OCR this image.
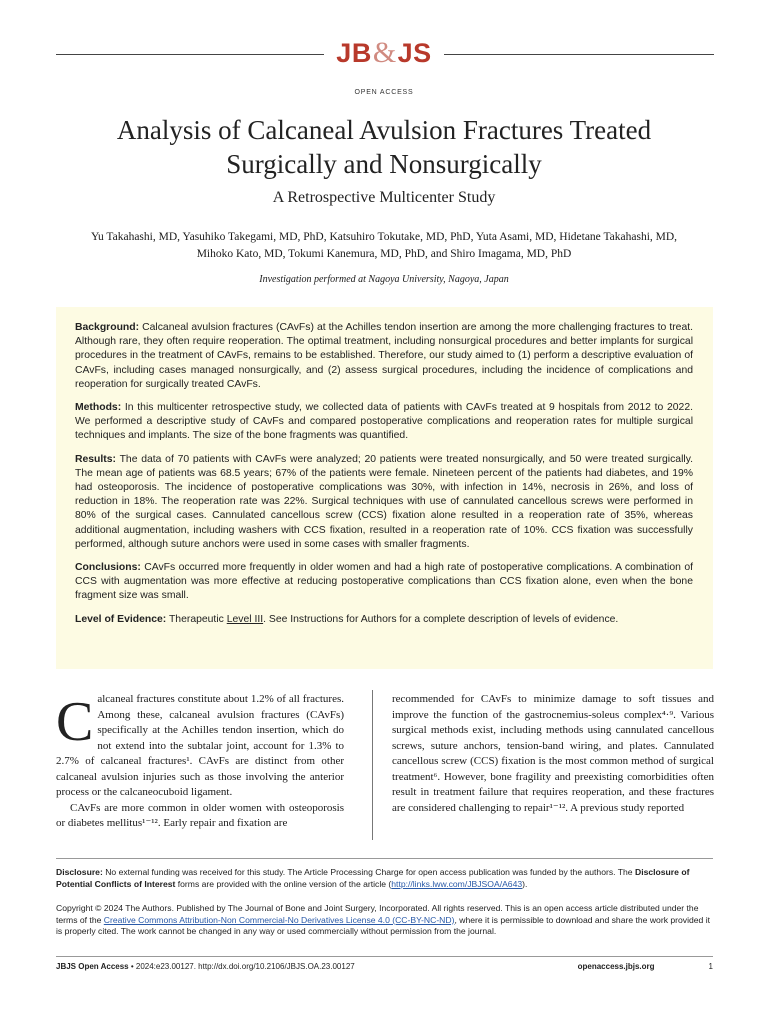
JB&JS
OPEN ACCESS
Analysis of Calcaneal Avulsion Fractures Treated
Surgically and Nonsurgically
A Retrospective Multicenter Study
Yu Takahashi, MD, Yasuhiko Takegami, MD, PhD, Katsuhiro Tokutake, MD, PhD, Yuta Asami, MD, Hidetane Takahashi, MD,
Mihoko Kato, MD, Tokumi Kanemura, MD, PhD, and Shiro Imagama, MD, PhD
Investigation performed at Nagoya University, Nagoya, Japan

Background: Calcaneal avulsion fractures (CAvFs) at the Achilles tendon insertion are among the more challenging fractures to treat. Although rare, they often require reoperation. The optimal treatment, including nonsurgical procedures and better implants for surgical procedures in the treatment of CAvFs, remains to be established. Therefore, our study aimed to (1) perform a descriptive evaluation of CAvFs, including cases managed nonsurgically, and (2) assess surgical procedures, including the incidence of complications and reoperation for surgically treated CAvFs.

Methods: In this multicenter retrospective study, we collected data of patients with CAvFs treated at 9 hospitals from 2012 to 2022. We performed a descriptive study of CAvFs and compared postoperative complications and reoperation rates for multiple surgical techniques and implants. The size of the bone fragments was quantified.

Results: The data of 70 patients with CAvFs were analyzed; 20 patients were treated nonsurgically, and 50 were treated surgically. The mean age of patients was 68.5 years; 67% of the patients were female. Nineteen percent of the patients had diabetes, and 19% had osteoporosis. The incidence of postoperative complications was 30%, with infection in 14%, necrosis in 26%, and loss of reduction in 18%. The reoperation rate was 22%. Surgical techniques with use of cannulated cancellous screws were performed in 80% of the surgical cases. Cannulated cancellous screw (CCS) fixation alone resulted in a reoperation rate of 35%, whereas additional augmentation, including washers with CCS fixation, resulted in a reoperation rate of 10%. CCS fixation was successfully performed, although suture anchors were used in some cases with smaller fragments.

Conclusions: CAvFs occurred more frequently in older women and had a high rate of postoperative complications. A combination of CCS with augmentation was more effective at reducing postoperative complications than CCS fixation alone, even when the bone fragment size was small.

Level of Evidence: Therapeutic Level III. See Instructions for Authors for a complete description of levels of evidence.

Calcaneal fractures constitute about 1.2% of all fractures. Among these, calcaneal avulsion fractures (CAvFs) specifically at the Achilles tendon insertion, which do not extend into the subtalar joint, account for 1.3% to 2.7% of calcaneal fractures¹. CAvFs are distinct from other calcaneal avulsion injuries such as those involving the anterior process or the calcaneocuboid ligament.

CAvFs are more common in older women with osteoporosis or diabetes mellitus¹⁻¹². Early repair and fixation are

recommended for CAvFs to minimize damage to soft tissues and improve the function of the gastrocnemius-soleus complex⁴·⁹. Various surgical methods exist, including methods using cannulated cancellous screws, suture anchors, tension-band wiring, and plates. Cannulated cancellous screw (CCS) fixation is the most common method of surgical treatment⁶. However, bone fragility and preexisting comorbidities often result in treatment failure that requires reoperation, and these fractures are considered challenging to repair¹⁻¹². A previous study reported

Disclosure: No external funding was received for this study. The Article Processing Charge for open access publication was funded by the authors. The Disclosure of Potential Conflicts of Interest forms are provided with the online version of the article (http://links.lww.com/JBJSOA/A643).
Copyright © 2024 The Authors. Published by The Journal of Bone and Joint Surgery, Incorporated. All rights reserved. This is an open access article distributed under the terms of the Creative Commons Attribution-Non Commercial-No Derivatives License 4.0 (CC-BY-NC-ND), where it is permissible to download and share the work provided it is properly cited. The work cannot be changed in any way or used commercially without permission from the journal.
JBJS Open Access • 2024:e23.00127. http://dx.doi.org/10.2106/JBJS.OA.23.00127	openaccess.jbjs.org	1
